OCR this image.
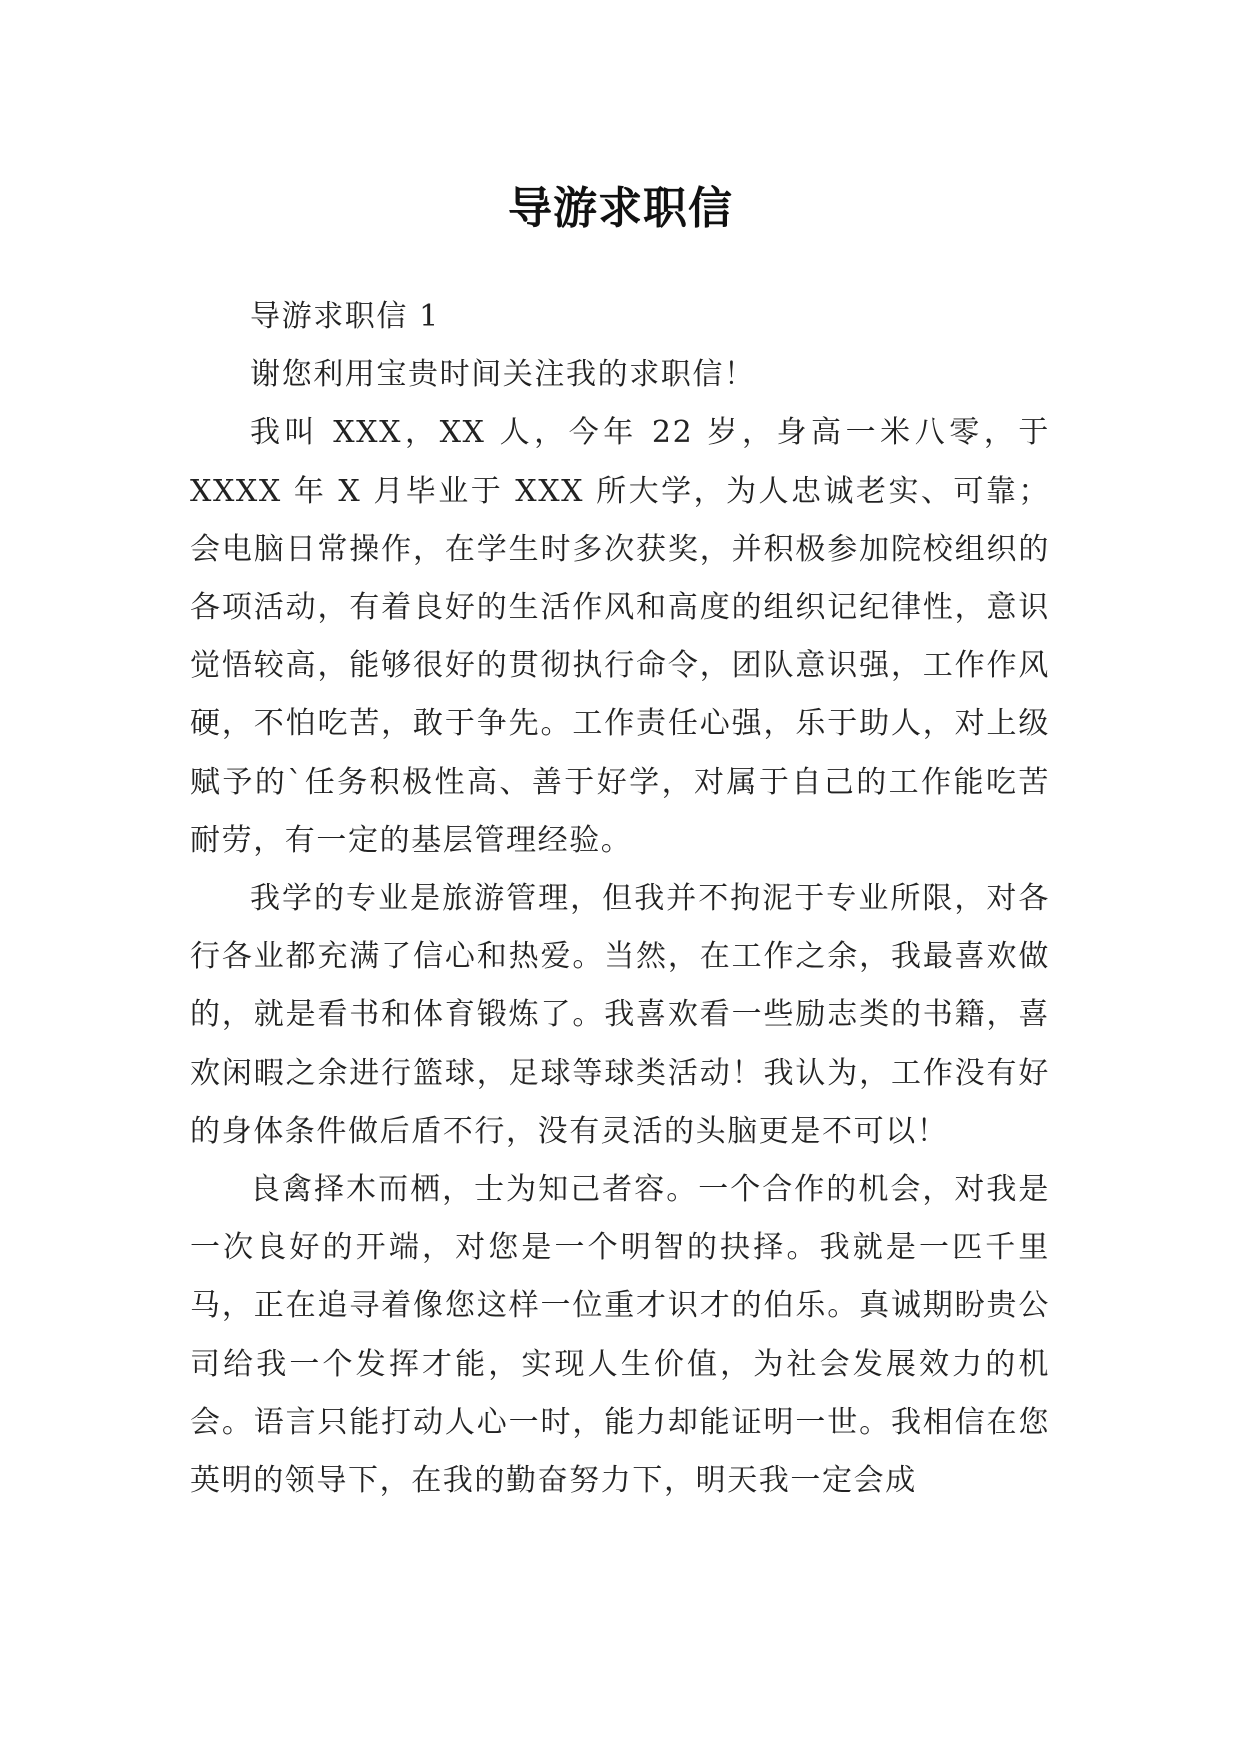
导游求职信

导游求职信 1

谢您利用宝贵时间关注我的求职信！

我叫 XXX，XX 人，今年 22 岁，身高一米八零，于 XXXX 年 X 月毕业于 XXX 所大学，为人忠诚老实、可靠；会电脑日常操作，在学生时多次获奖，并积极参加院校组织的各项活动，有着良好的生活作风和高度的组织记纪律性，意识觉悟较高，能够很好的贯彻执行命令，团队意识强，工作作风硬，不怕吃苦，敢于争先。工作责任心强，乐于助人，对上级赋予的`任务积极性高、善于好学，对属于自己的工作能吃苦耐劳，有一定的基层管理经验。

我学的专业是旅游管理，但我并不拘泥于专业所限，对各行各业都充满了信心和热爱。当然，在工作之余，我最喜欢做的，就是看书和体育锻炼了。我喜欢看一些励志类的书籍，喜欢闲暇之余进行篮球，足球等球类活动！我认为，工作没有好的身体条件做后盾不行，没有灵活的头脑更是不可以！

良禽择木而栖，士为知己者容。一个合作的机会，对我是一次良好的开端，对您是一个明智的抉择。我就是一匹千里马，正在追寻着像您这样一位重才识才的伯乐。真诚期盼贵公司给我一个发挥才能，实现人生价值，为社会发展效力的机会。语言只能打动人心一时，能力却能证明一世。我相信在您英明的领导下，在我的勤奋努力下，明天我一定会成
